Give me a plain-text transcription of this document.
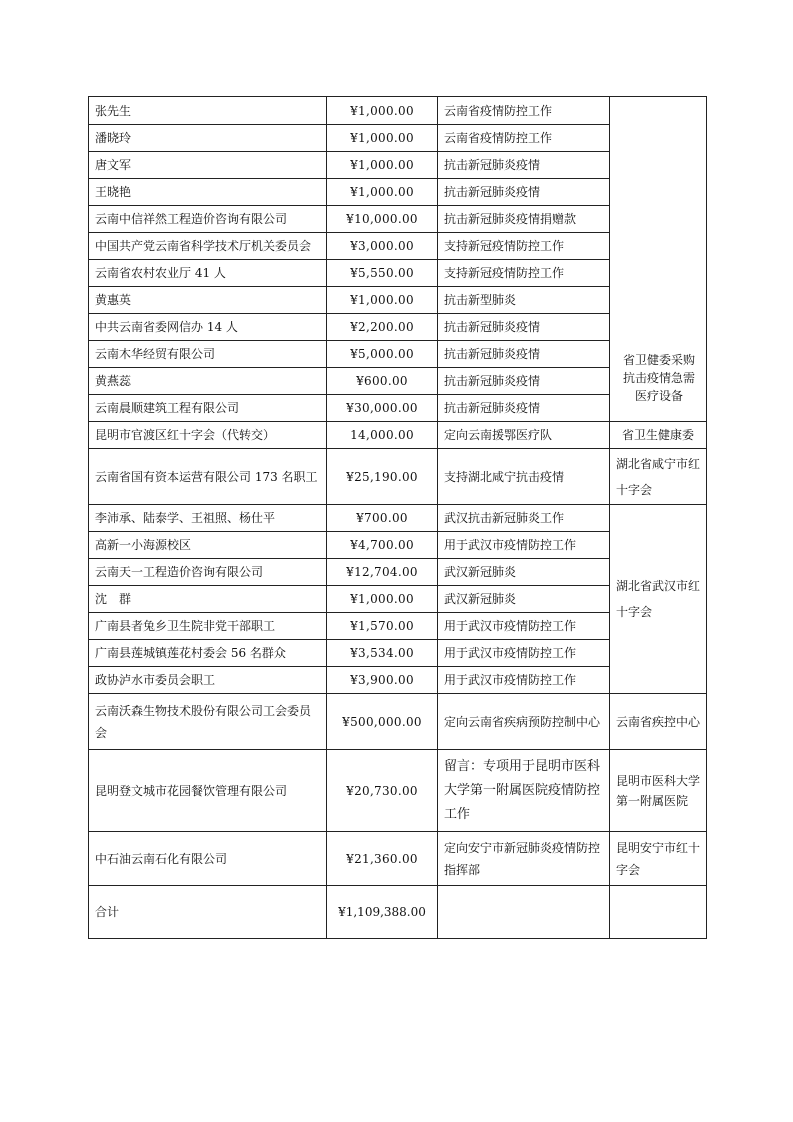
张先生	¥1,000.00	云南省疫情防控工作	省卫健委采购抗击疫情急需医疗设备
潘晓玲	¥1,000.00	云南省疫情防控工作	
唐文军	¥1,000.00	抗击新冠肺炎疫情	
王晓艳	¥1,000.00	抗击新冠肺炎疫情	
云南中信祥然工程造价咨询有限公司	¥10,000.00	抗击新冠肺炎疫情捐赠款	
中国共产党云南省科学技术厅机关委员会	¥3,000.00	支持新冠疫情防控工作	
云南省农村农业厅 41 人	¥5,550.00	支持新冠疫情防控工作	
黄惠英	¥1,000.00	抗击新型肺炎	
中共云南省委网信办 14 人	¥2,200.00	抗击新冠肺炎疫情	
云南木华经贸有限公司	¥5,000.00	抗击新冠肺炎疫情	
黄燕蕊	¥600.00	抗击新冠肺炎疫情	
云南晨顺建筑工程有限公司	¥30,000.00	抗击新冠肺炎疫情	
昆明市官渡区红十字会（代转交）	14,000.00	定向云南援鄂医疗队	省卫生健康委
云南省国有资本运营有限公司 173 名职工	¥25,190.00	支持湖北咸宁抗击疫情	湖北省咸宁市红十字会
李沛承、陆泰学、王祖照、杨仕平	¥700.00	武汉抗击新冠肺炎工作	湖北省武汉市红十字会
高新一小海源校区	¥4,700.00	用于武汉市疫情防控工作	
云南天一工程造价咨询有限公司	¥12,704.00	武汉新冠肺炎	
沈　群	¥1,000.00	武汉新冠肺炎	
广南县者兔乡卫生院非党干部职工	¥1,570.00	用于武汉市疫情防控工作	
广南县莲城镇莲花村委会 56 名群众	¥3,534.00	用于武汉市疫情防控工作	
政协泸水市委员会职工	¥3,900.00	用于武汉市疫情防控工作	
云南沃森生物技术股份有限公司工会委员会	¥500,000.00	定向云南省疾病预防控制中心	云南省疾控中心
昆明登文城市花园餐饮管理有限公司	¥20,730.00	留言：专项用于昆明市医科大学第一附属医院疫情防控工作	昆明市医科大学第一附属医院
中石油云南石化有限公司	¥21,360.00	定向安宁市新冠肺炎疫情防控指挥部	昆明安宁市红十字会
合计	¥1,109,388.00		
